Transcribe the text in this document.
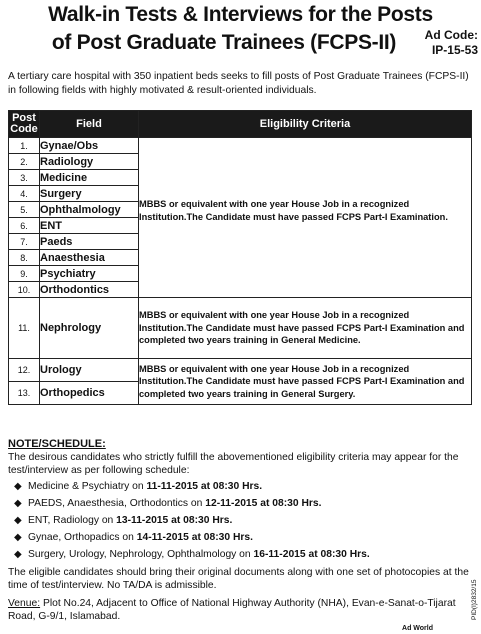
Walk-in Tests & Interviews for the Posts
of Post Graduate Trainees (FCPS-II)	Ad Code:
IP-15-53
A tertiary care hospital with 350 inpatient beds seeks to fill posts of Post Graduate Trainees (FCPS-II) in following fields with highly motivated & result-oriented individuals.
Post
Code	Field	Eligibility Criteria
1.	Gynae/Obs	MBBS or equivalent with one year House Job in a recognized Institution.The Candidate must have passed FCPS Part-I Examination.
2.	Radiology	
3.	Medicine	
4.	Surgery	
5.	Ophthalmology	
6.	ENT	
7.	Paeds	
8.	Anaesthesia	
9.	Psychiatry	
10.	Orthodontics	
11.	Nephrology	MBBS or equivalent with one year House Job in a recognized Institution.The Candidate must have passed FCPS Part-I Examination and completed two years training in General Medicine.
12.	Urology	MBBS or equivalent with one year House Job in a recognized Institution.The Candidate must have passed FCPS Part-I Examination and completed two years training in General Surgery.
13.	Orthopedics	
NOTE/SCHEDULE:
The desirous candidates who strictly fulfill the abovementioned eligibility criteria may appear for the test/interview as per following schedule:
◆ Medicine & Psychiatry on 11-11-2015 at 08:30 Hrs.
◆ PAEDS, Anaesthesia, Orthodontics on 12-11-2015 at 08:30 Hrs.
◆ ENT, Radiology on 13-11-2015 at 08:30 Hrs.
◆ Gynae, Orthopadics on 14-11-2015 at 08:30 Hrs.
◆ Surgery, Urology, Nephrology, Ophthalmology on 16-11-2015 at 08:30 Hrs.
The eligible candidates should bring their original documents along with one set of photocopies at the time of test/interview. No TA/DA is admissible.
Venue: Plot No.24, Adjacent to Office of National Highway Authority (NHA), Evan-e-Sanat-o-Tijarat Road, G-9/1, Islamabad.
Ad World
PID(I)2832/15
